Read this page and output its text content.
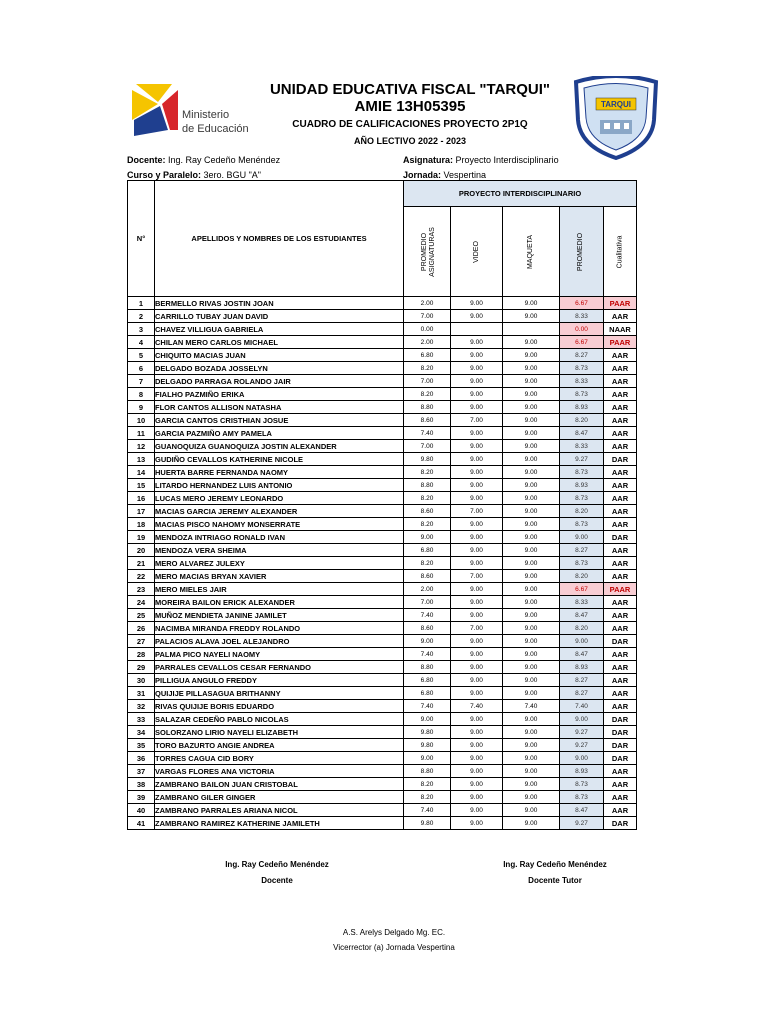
Ministerio
de Educación
TARQUI
UNIDAD EDUCATIVA FISCAL "TARQUI"
AMIE 13H05395
CUADRO DE CALIFICACIONES PROYECTO 2P1Q
AÑO LECTIVO 2022 - 2023
Docente: Ing. Ray Cedeño Menéndez	Asignatura: Proyecto Interdisciplinario
Curso y Paralelo: 3ero. BGU "A"	Jornada: Vespertina
N°	APELLIDOS Y NOMBRES DE LOS ESTUDIANTES	PROYECTO INTERDISCIPLINARIO				
		PROMEDIO
ASIGNATURAS	VIDEO	MAQUETA	PROMEDIO	Cualitativa
1	BERMELLO RIVAS JOSTIN JOAN	2.00	9.00	9.00	6.67	PAAR
2	CARRILLO TUBAY JUAN DAVID	7.00	9.00	9.00	8.33	AAR
3	CHAVEZ VILLIGUA GABRIELA	0.00			0.00	NAAR
4	CHILAN MERO CARLOS MICHAEL	2.00	9.00	9.00	6.67	PAAR
5	CHIQUITO MACIAS JUAN	6.80	9.00	9.00	8.27	AAR
6	DELGADO BOZADA JOSSELYN	8.20	9.00	9.00	8.73	AAR
7	DELGADO PARRAGA ROLANDO JAIR	7.00	9.00	9.00	8.33	AAR
8	FIALHO PAZMIÑO ERIKA	8.20	9.00	9.00	8.73	AAR
9	FLOR CANTOS ALLISON NATASHA	8.80	9.00	9.00	8.93	AAR
10	GARCIA CANTOS CRISTHIAN JOSUE	8.60	7.00	9.00	8.20	AAR
11	GARCIA PAZMIÑO AMY PAMELA	7.40	9.00	9.00	8.47	AAR
12	GUANOQUIZA GUANOQUIZA JOSTIN ALEXANDER	7.00	9.00	9.00	8.33	AAR
13	GUDIÑO CEVALLOS KATHERINE NICOLE	9.80	9.00	9.00	9.27	DAR
14	HUERTA BARRE FERNANDA NAOMY	8.20	9.00	9.00	8.73	AAR
15	LITARDO HERNANDEZ LUIS ANTONIO	8.80	9.00	9.00	8.93	AAR
16	LUCAS MERO JEREMY LEONARDO	8.20	9.00	9.00	8.73	AAR
17	MACIAS GARCIA JEREMY ALEXANDER	8.60	7.00	9.00	8.20	AAR
18	MACIAS PISCO NAHOMY MONSERRATE	8.20	9.00	9.00	8.73	AAR
19	MENDOZA INTRIAGO RONALD IVAN	9.00	9.00	9.00	9.00	DAR
20	MENDOZA VERA SHEIMA	6.80	9.00	9.00	8.27	AAR
21	MERO ALVAREZ JULEXY	8.20	9.00	9.00	8.73	AAR
22	MERO MACIAS BRYAN XAVIER	8.60	7.00	9.00	8.20	AAR
23	MERO MIELES JAIR	2.00	9.00	9.00	6.67	PAAR
24	MOREIRA BAILON ERICK ALEXANDER	7.00	9.00	9.00	8.33	AAR
25	MUÑOZ MENDIETA JANINE JAMILET	7.40	9.00	9.00	8.47	AAR
26	NACIMBA MIRANDA FREDDY ROLANDO	8.60	7.00	9.00	8.20	AAR
27	PALACIOS ALAVA JOEL ALEJANDRO	9.00	9.00	9.00	9.00	DAR
28	PALMA PICO NAYELI NAOMY	7.40	9.00	9.00	8.47	AAR
29	PARRALES CEVALLOS CESAR FERNANDO	8.80	9.00	9.00	8.93	AAR
30	PILLIGUA ANGULO FREDDY	6.80	9.00	9.00	8.27	AAR
31	QUIJIJE PILLASAGUA BRITHANNY	6.80	9.00	9.00	8.27	AAR
32	RIVAS QUIJIJE BORIS EDUARDO	7.40	7.40	7.40	7.40	AAR
33	SALAZAR CEDEÑO PABLO NICOLAS	9.00	9.00	9.00	9.00	DAR
34	SOLORZANO LIRIO NAYELI ELIZABETH	9.80	9.00	9.00	9.27	DAR
35	TORO BAZURTO ANGIE ANDREA	9.80	9.00	9.00	9.27	DAR
36	TORRES CAGUA CID BORY	9.00	9.00	9.00	9.00	DAR
37	VARGAS FLORES ANA VICTORIA	8.80	9.00	9.00	8.93	AAR
38	ZAMBRANO BAILON JUAN CRISTOBAL	8.20	9.00	9.00	8.73	AAR
39	ZAMBRANO GILER GINGER	8.20	9.00	9.00	8.73	AAR
40	ZAMBRANO PARRALES ARIANA NICOL	7.40	9.00	9.00	8.47	AAR
41	ZAMBRANO RAMIREZ KATHERINE JAMILETH	9.80	9.00	9.00	9.27	DAR
Ing. Ray Cedeño Menéndez
Docente
Ing. Ray Cedeño Menéndez
Docente Tutor
A.S. Arelys Delgado Mg. EC.
Vicerrector (a) Jornada Vespertina
